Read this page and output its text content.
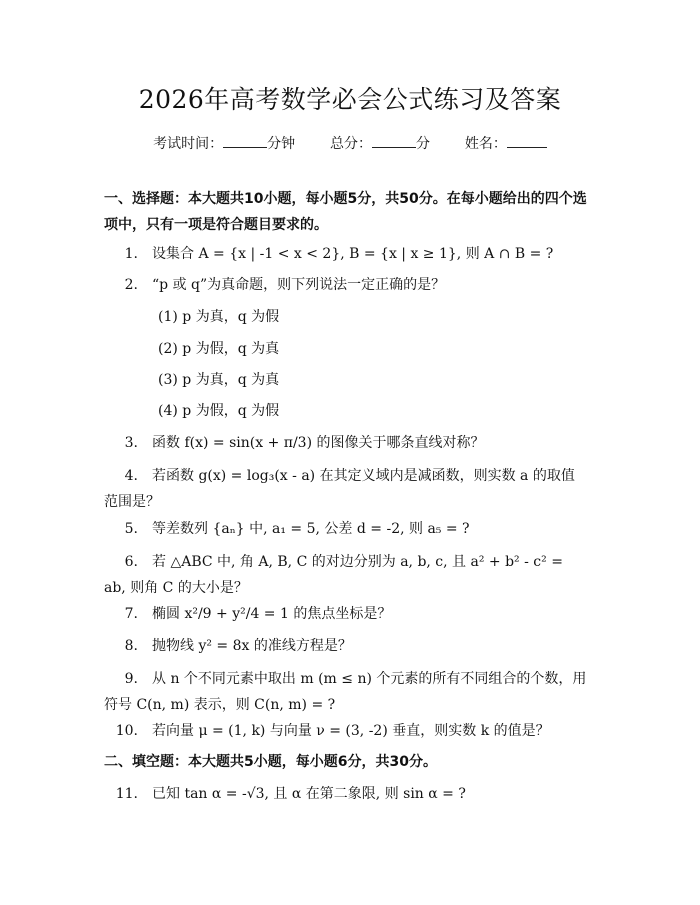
2026年高考数学必会公式练习及答案
考试时间：	分钟 总分：	分 姓名：
一、选择题：本大题共10小题，每小题5分，共50分。在每小题给出的四个选
项中，只有一项是符合题目要求的。
1. 设集合 A = {x | -1 < x < 2}, B = {x | x ≥ 1}, 则 A ∩ B = ?
2. “p 或 q”为真命题，则下列说法一定正确的是？
(1) p 为真，q 为假
(2) p 为假，q 为真
(3) p 为真，q 为真
(4) p 为假，q 为假
3. 函数 f(x) = sin(x + π/3) 的图像关于哪条直线对称？
4. 若函数 g(x) = log₃(x - a) 在其定义域内是减函数，则实数 a 的取值
范围是？
5. 等差数列 {aₙ} 中, a₁ = 5, 公差 d = -2, 则 a₅ = ?
6. 若 △ABC 中, 角 A, B, C 的对边分别为 a, b, c, 且 a² + b² - c² =
ab, 则角 C 的大小是？
7. 椭圆 x²/9 + y²/4 = 1 的焦点坐标是？
8. 抛物线 y² = 8x 的准线方程是？
9. 从 n 个不同元素中取出 m (m ≤ n) 个元素的所有不同组合的个数，用
符号 C(n, m) 表示，则 C(n, m) = ?
10. 若向量 μ = (1, k) 与向量 ν = (3, -2) 垂直，则实数 k 的值是？
二、填空题：本大题共5小题，每小题6分，共30分。
11. 已知 tan α = -√3, 且 α 在第二象限, 则 sin α = ?
